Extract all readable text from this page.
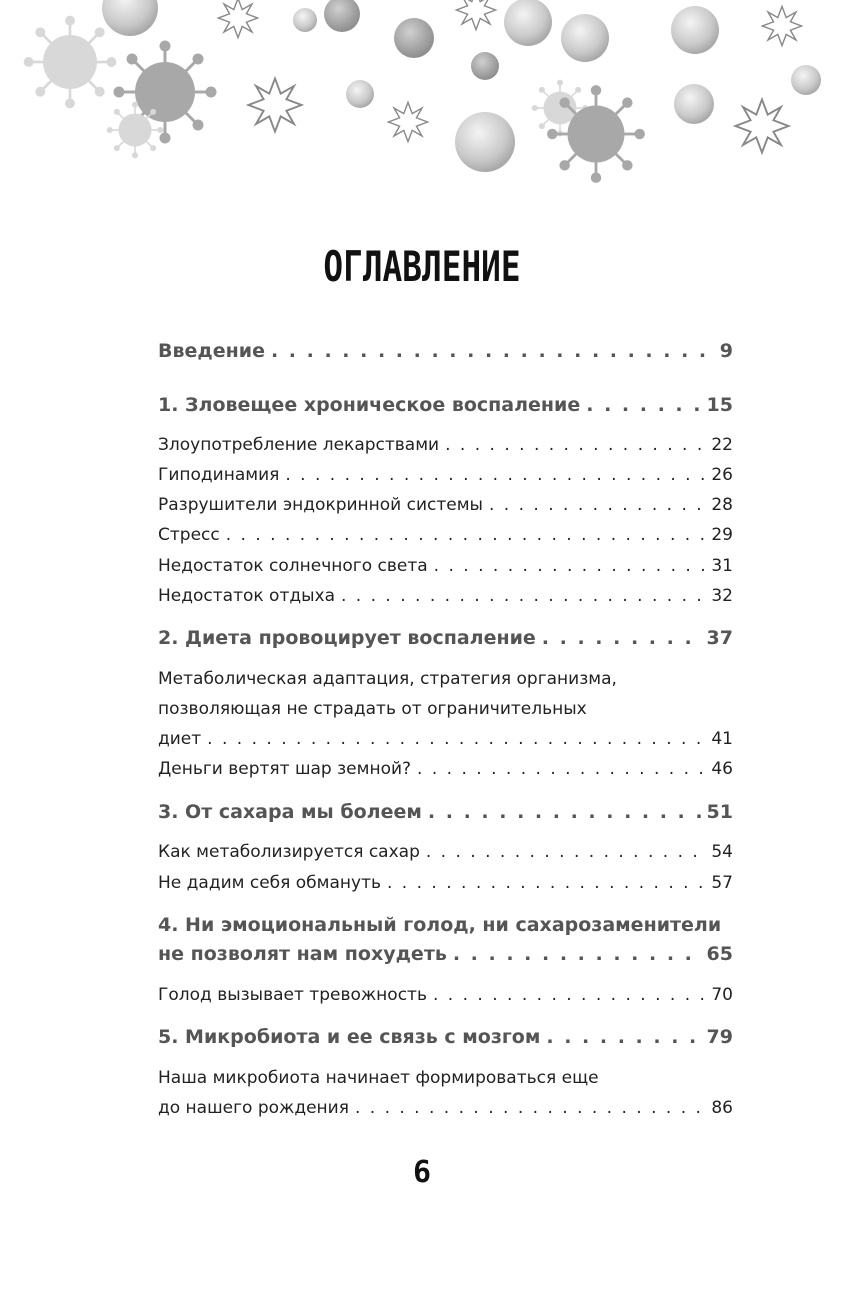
ОГЛАВЛЕНИЕ
Введение . . .	9
1. Зловещее хроническое воспаление . . .	15
Злоупотребление лекарствами . . .	22
Гиподинамия . . .	26
Разрушители эндокринной системы . . .	28
Стресс . . .	29
Недостаток солнечного света . . .	31
Недостаток отдыха . . .	32
2. Диета провоцирует воспаление . . .	37
Метаболическая адаптация, стратегия организма,
позволяющая не страдать от ограничительных
диет . . .	41
Деньги вертят шар земной? . . .	46
3. От сахара мы болеем . . .	51
Как метаболизируется сахар . . .	54
Не дадим себя обмануть . . .	57
4. Ни эмоциональный голод, ни сахарозаменители
не позволят нам похудеть . . .	65
Голод вызывает тревожность . . .	70
5. Микробиота и ее связь с мозгом . . .	79
Наша микробиота начинает формироваться еще
до нашего рождения . . .	86
6
